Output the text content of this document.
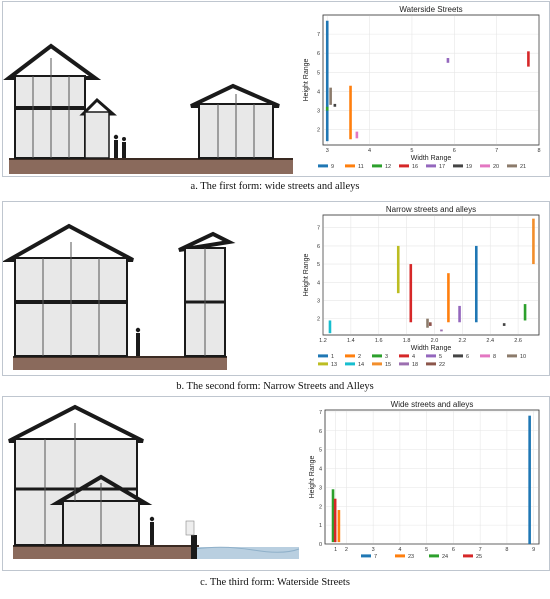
Waterside Streets
3	4	5	6	7	8
2
3
4
5
6
7
Width Range
Height Range
9	11	12	16	17	19	20	21
a. The first form: wide streets and alleys
Narrow streets and alleys
1.2	1.4	1.6	1.8	2.0	2.2	2.4	2.6
2
3
4
5
6
7
Width Range
Height Range
1	2	3	4	5	6	8	10
13	14	15	18	22
b. The second form: Narrow Streets and Alleys
Wide streets and alleys
1 2	3	4	5	6	7	8	9
0
1
2
3
4
5
6
7
Height Range
7	23	24	25
c. The third form: Waterside Streets
